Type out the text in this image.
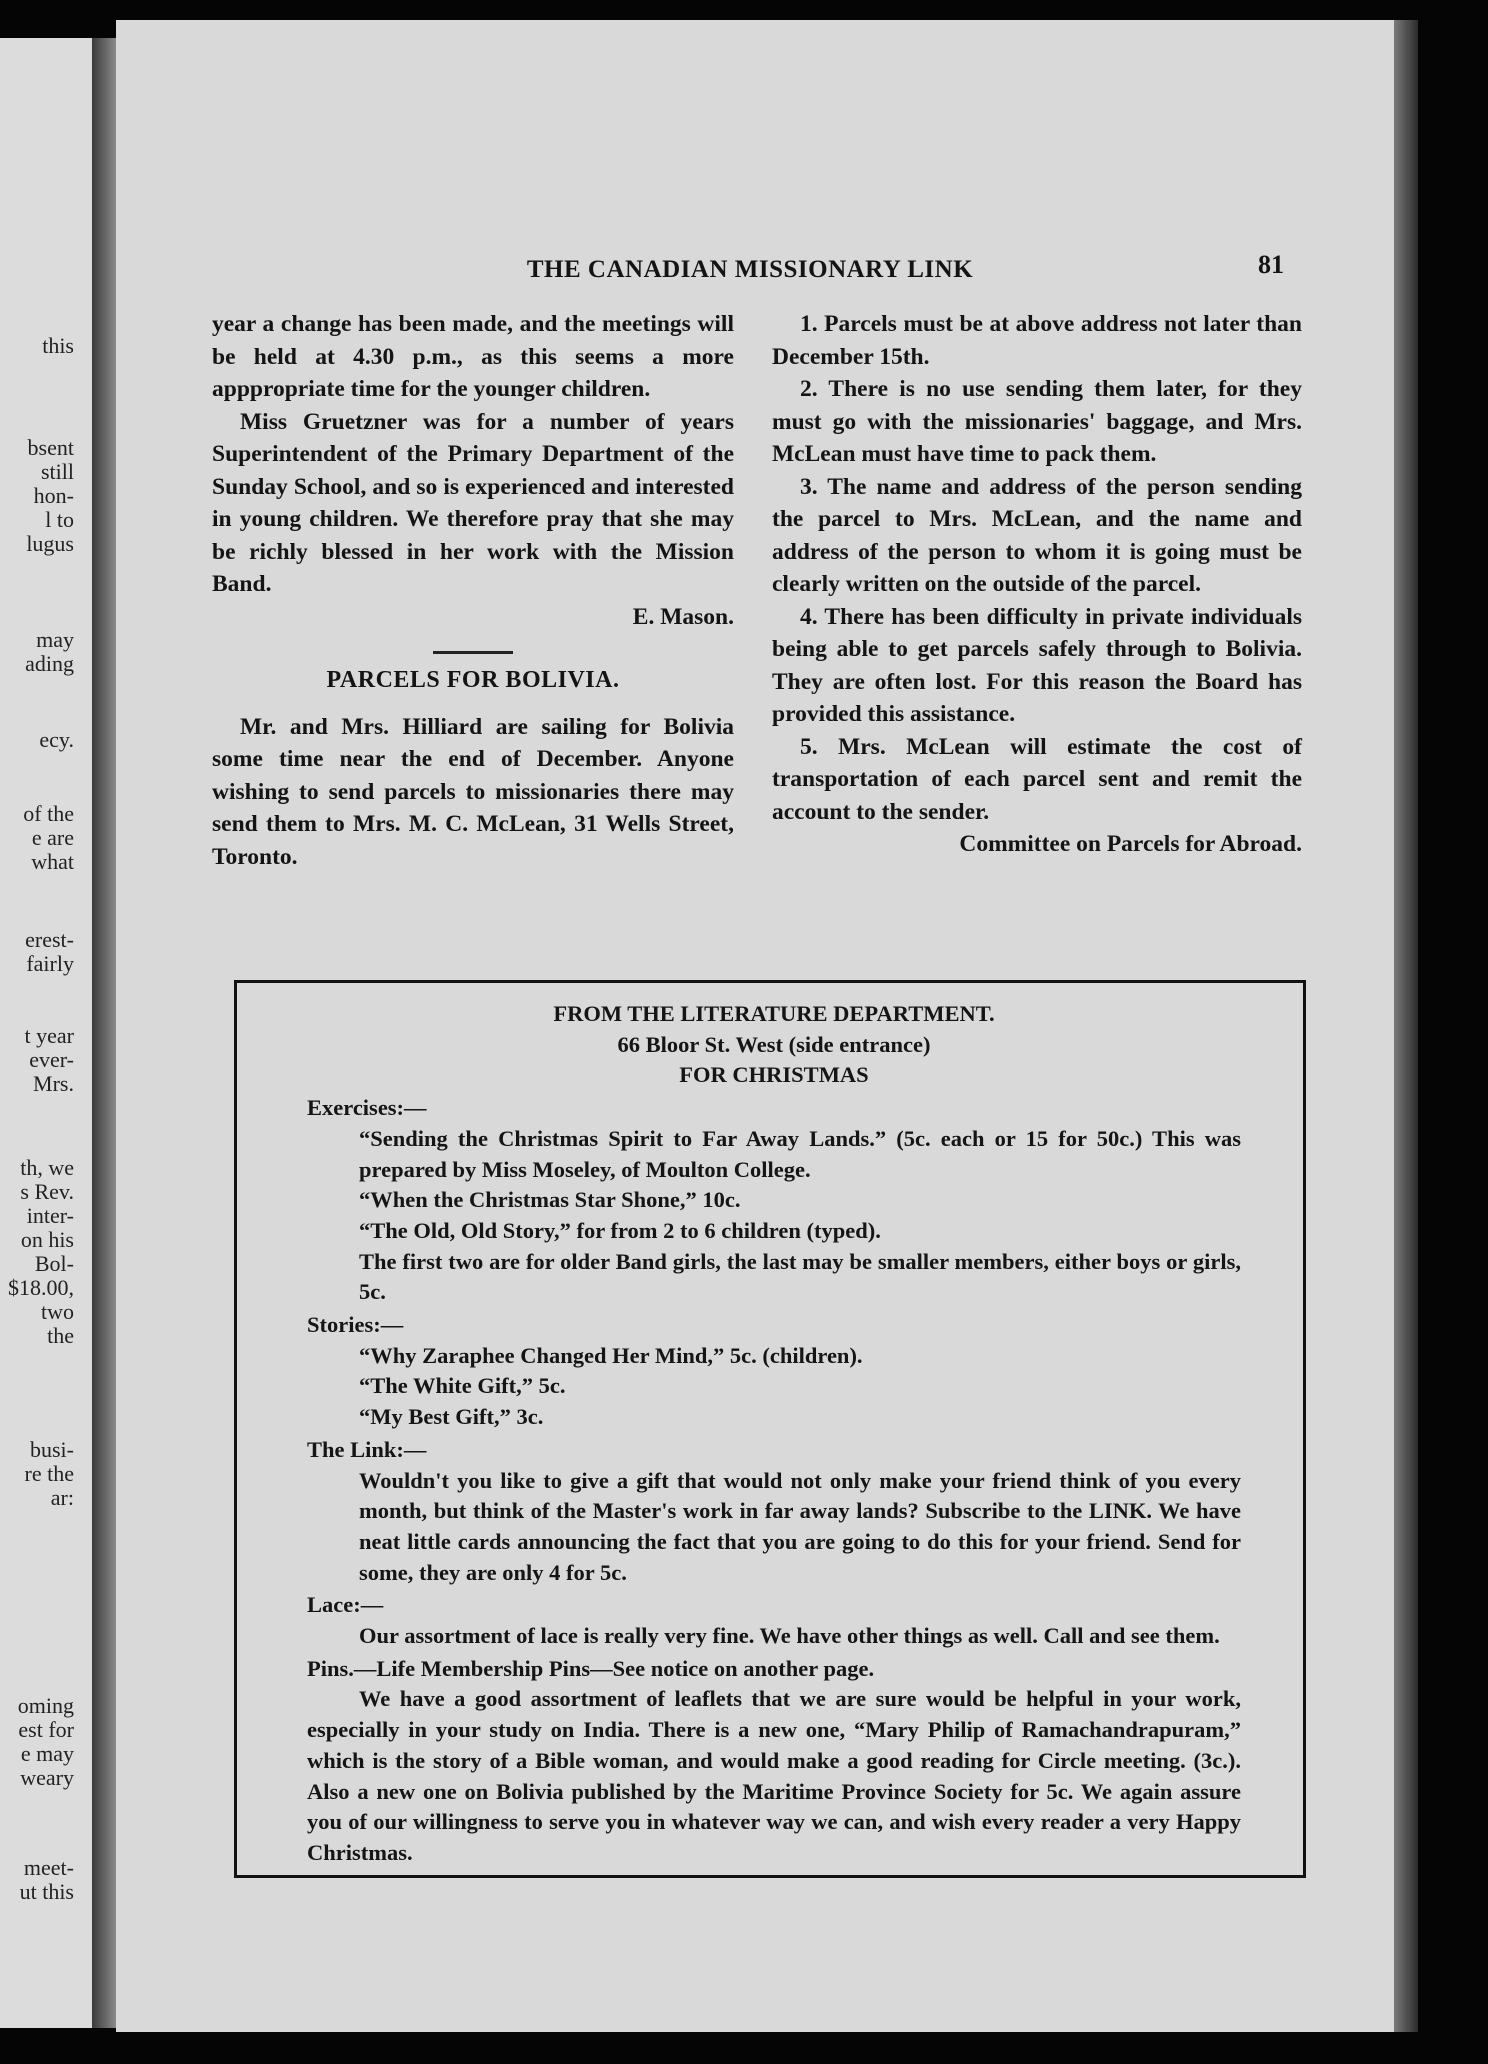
this
bsent
still
hon-
l to
lugus
may
ading
ecy.
of the
e are
what
erest-
fairly
t year
ever-
Mrs.
th, we
s Rev.
inter-
on his
Bol-
$18.00,
two
the
busi-
re the
ar:
oming
est for
e may
weary
meet-
ut this
THE CANADIAN MISSIONARY LINK	81

year a change has been made, and the meetings will be held at 4.30 p.m., as this seems a more apppropriate time for the younger children.

Miss Gruetzner was for a number of years Superintendent of the Primary Department of the Sunday School, and so is experienced and interested in young children. We therefore pray that she may be richly blessed in her work with the Mission Band.

E. Mason.

PARCELS FOR BOLIVIA.

Mr. and Mrs. Hilliard are sailing for Bolivia some time near the end of December. Anyone wishing to send parcels to missionaries there may send them to Mrs. M. C. McLean, 31 Wells Street, Toronto.

1. Parcels must be at above address not later than December 15th.

2. There is no use sending them later, for they must go with the missionaries' baggage, and Mrs. McLean must have time to pack them.

3. The name and address of the person sending the parcel to Mrs. McLean, and the name and address of the person to whom it is going must be clearly written on the outside of the parcel.

4. There has been difficulty in private individuals being able to get parcels safely through to Bolivia. They are often lost. For this reason the Board has provided this assistance.

5. Mrs. McLean will estimate the cost of transportation of each parcel sent and remit the account to the sender.

Committee on Parcels for Abroad.

FROM THE LITERATURE DEPARTMENT.

66 Bloor St. West (side entrance)

FOR CHRISTMAS

Exercises:—

“Sending the Christmas Spirit to Far Away Lands.” (5c. each or 15 for 50c.) This was prepared by Miss Moseley, of Moulton College.

“When the Christmas Star Shone,” 10c.

“The Old, Old Story,” for from 2 to 6 children (typed).

The first two are for older Band girls, the last may be smaller members, either boys or girls, 5c.

Stories:—

“Why Zaraphee Changed Her Mind,” 5c. (children).

“The White Gift,” 5c.

“My Best Gift,” 3c.

The Link:—

Wouldn't you like to give a gift that would not only make your friend think of you every month, but think of the Master's work in far away lands? Subscribe to the LINK. We have neat little cards announcing the fact that you are going to do this for your friend. Send for some, they are only 4 for 5c.

Lace:—

Our assortment of lace is really very fine. We have other things as well. Call and see them.

Pins.—Life Membership Pins—See notice on another page.

We have a good assortment of leaflets that we are sure would be helpful in your work, especially in your study on India. There is a new one, “Mary Philip of Ramachandrapuram,” which is the story of a Bible woman, and would make a good reading for Circle meeting. (3c.). Also a new one on Bolivia published by the Maritime Province Society for 5c. We again assure you of our willingness to serve you in whatever way we can, and wish every reader a very Happy Christmas.
